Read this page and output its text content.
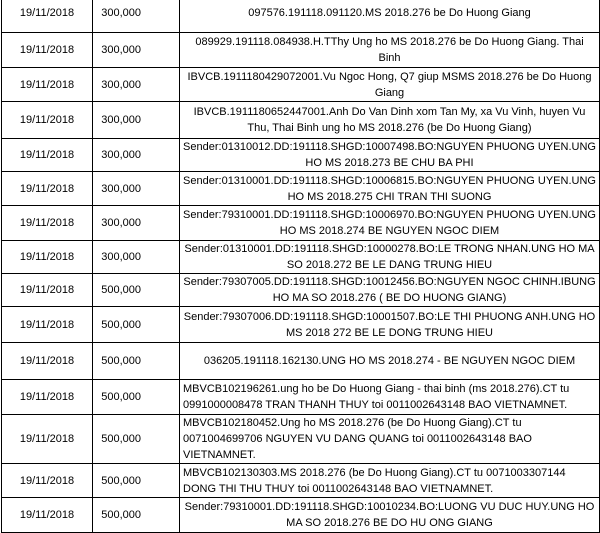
19/11/2018	300,000	097576.191118.091120.MS 2018.276 be Do Huong Giang
19/11/2018	300,000	089929.191118.084938.H.TThy Ung ho MS 2018.276 be Do Huong Giang. Thai Binh
19/11/2018	300,000	IBVCB.1911180429072001.Vu Ngoc Hong, Q7 giup MSMS 2018.276 be Do Huong Giang
19/11/2018	300,000	IBVCB.1911180652447001.Anh Do Van Dinh xom Tan My, xa Vu Vinh, huyen Vu Thu, Thai Binh ung ho MS 2018.276 (be Do Huong Giang)
19/11/2018	300,000	Sender:01310012.DD:191118.SHGD:10007498.BO:NGUYEN PHUONG UYEN.UNG HO MS 2018.273 BE CHU BA PHI
19/11/2018	300,000	Sender:01310001.DD:191118.SHGD:10006815.BO:NGUYEN PHUONG UYEN.UNG HO MS 2018.275 CHI TRAN THI SUONG
19/11/2018	300,000	Sender:79310001.DD:191118.SHGD:10006970.BO:NGUYEN PHUONG UYEN.UNG HO MS 2018.274 BE NGUYEN NGOC DIEM
19/11/2018	300,000	Sender:01310001.DD:191118.SHGD:10000278.BO:LE TRONG NHAN.UNG HO MA SO 2018.272 BE LE DANG TRUNG HIEU
19/11/2018	500,000	Sender:79307005.DD:191118.SHGD:10012456.BO:NGUYEN NGOC CHINH.IBUNG HO MA SO 2018.276 ( BE DO HUONG GIANG)
19/11/2018	500,000	Sender:79307006.DD:191118.SHGD:10001507.BO:LE THI PHUONG ANH.UNG HO MS 2018 272 BE LE DONG TRUNG HIEU
19/11/2018	500,000	036205.191118.162130.UNG HO MS 2018.274 - BE NGUYEN NGOC DIEM
19/11/2018	500,000	MBVCB102196261.ung ho be Do Huong Giang - thai binh (ms 2018.276).CT tu 0991000008478 TRAN THANH THUY toi 0011002643148 BAO VIETNAMNET.
19/11/2018	500,000	MBVCB102180452.Ung ho MS 2018.276 (be Do Huong Giang).CT tu 0071004699706 NGUYEN VU DANG QUANG toi 0011002643148 BAO VIETNAMNET.
19/11/2018	500,000	MBVCB102130303.MS 2018.276 (be Do Huong Giang).CT tu 0071003307144 DONG THI THU THUY toi 0011002643148 BAO VIETNAMNET.
19/11/2018	500,000	Sender:79310001.DD:191118.SHGD:10010234.BO:LUONG VU DUC HUY.UNG HO MA SO 2018.276 BE DO HU ONG GIANG
